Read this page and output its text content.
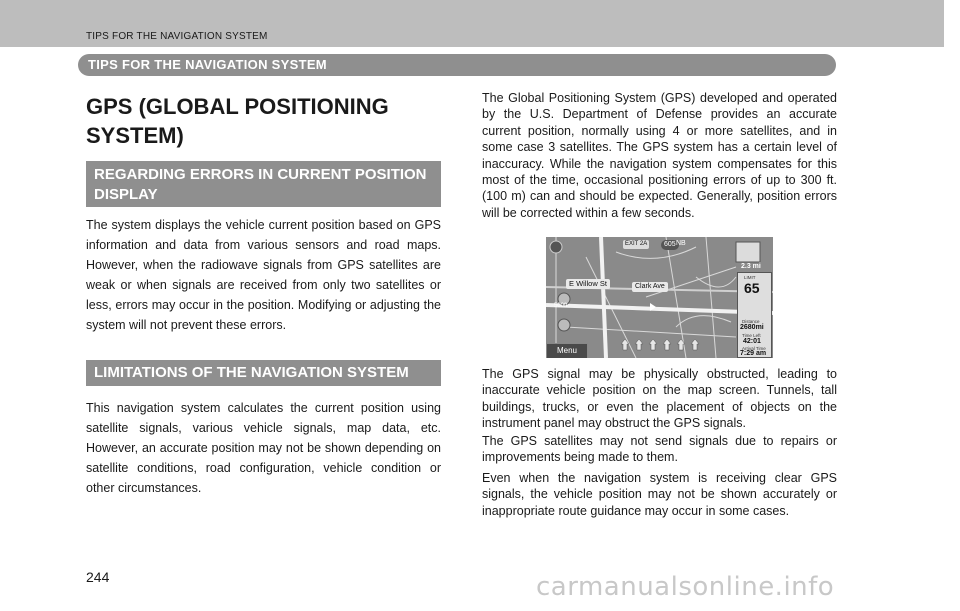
TIPS FOR THE NAVIGATION SYSTEM
TIPS FOR THE NAVIGATION SYSTEM
GPS (GLOBAL POSITIONING SYSTEM)
REGARDING ERRORS IN CURRENT POSITION DISPLAY

The system displays the vehicle current position based on GPS information and data from various sensors and road maps. However, when the radiowave signals from GPS satellites are weak or when signals are received from only two satellites or less, errors may occur in the position. Modifying or adjusting the system will not prevent these errors.

LIMITATIONS OF THE NAVIGATION SYSTEM

This navigation system calculates the current position using satellite signals, various vehicle signals, map data, etc. However, an accurate position may not be shown depending on satellite conditions, road configuration, vehicle condition or other circumstances.

The Global Positioning System (GPS) developed and operated by the U.S. Department of Defense provides an accurate current position, normally using 4 or more satellites, and in some case 3 satellites. The GPS system has a certain level of inaccuracy. While the navigation system compensates for this most of the time, occasional positioning errors of up to 300 ft. (100 m) can and should be expected. Generally, position errors will be corrected within a few seconds.

EXIT 2A	605 NB
2.3 mi
E Willow St	Clark Ave
500ft
LIMIT
65
Distance
2680mi
Time Left
42:01
Arrival Time
7:29 am
Menu

The GPS signal may be physically obstructed, leading to inaccurate vehicle position on the map screen. Tunnels, tall buildings, trucks, or even the placement of objects on the instrument panel may obstruct the GPS signals.

The GPS satellites may not send signals due to repairs or improvements being made to them.

Even when the navigation system is receiving clear GPS signals, the vehicle position may not be shown accurately or inappropriate route guidance may occur in some cases.

244	carmanualsonline.info
